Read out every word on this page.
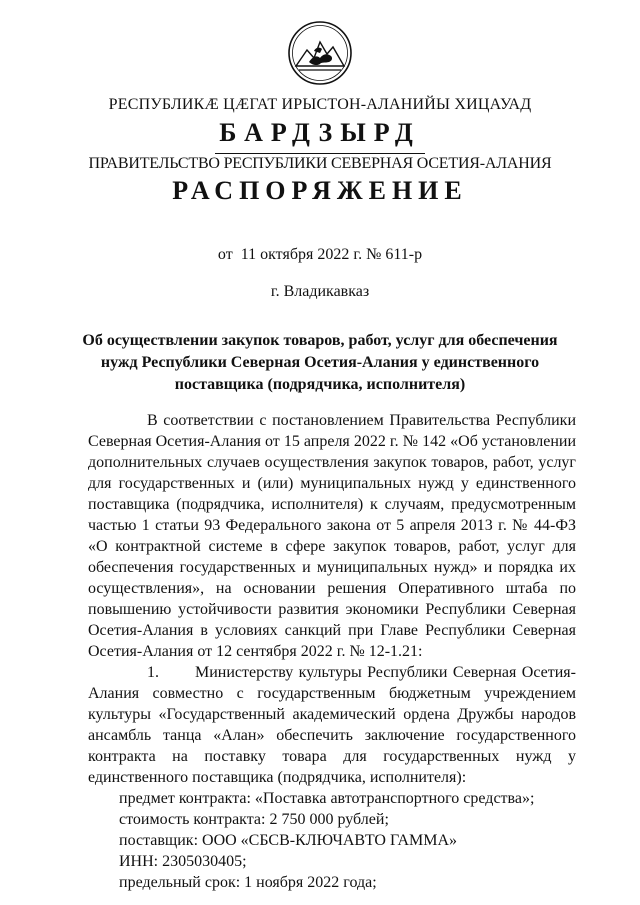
РЕСПУБЛИКӔ ЦӔГАТ ИРЫСТОН-АЛАНИЙЫ ХИЦАУАД
БАРДЗЫРД
ПРАВИТЕЛЬСТВО РЕСПУБЛИКИ СЕВЕРНАЯ ОСЕТИЯ-АЛАНИЯ
РАСПОРЯЖЕНИЕ
от  11 октября 2022 г. № 611-р
г. Владикавказ
Об осуществлении закупок товаров, работ, услуг для обеспечения
нужд Республики Северная Осетия-Алания у единственного
поставщика (подрядчика, исполнителя)

В соответствии с постановлением Правительства Республики Северная Осетия-Алания от 15 апреля 2022 г. № 142 «Об установлении дополнительных случаев осуществления закупок товаров, работ, услуг для государственных и (или) муниципальных нужд у единственного поставщика (подрядчика, исполнителя) к случаям, предусмотренным частью 1 статьи 93 Федерального закона от 5 апреля 2013 г. № 44-ФЗ «О контрактной системе в сфере закупок товаров, работ, услуг для обеспечения государственных и муниципальных нужд» и порядка их осуществления», на основании решения Оперативного штаба по повышению устойчивости развития экономики Республики Северная Осетия-Алания в условиях санкций при Главе Республики Северная Осетия-Алания от 12 сентября 2022 г. № 12-1.21:

1. Министерству культуры Республики Северная Осетия-Алания совместно с государственным бюджетным учреждением культуры «Государственный академический ордена Дружбы народов ансамбль танца «Алан» обеспечить заключение государственного контракта на поставку товара для государственных нужд у единственного поставщика (подрядчика, исполнителя):

предмет контракта: «Поставка автотранспортного средства»;
стоимость контракта: 2 750 000 рублей;
поставщик: ООО «СБСВ-КЛЮЧАВТО ГАММА»
ИНН: 2305030405;
предельный срок: 1 ноября 2022 года;
